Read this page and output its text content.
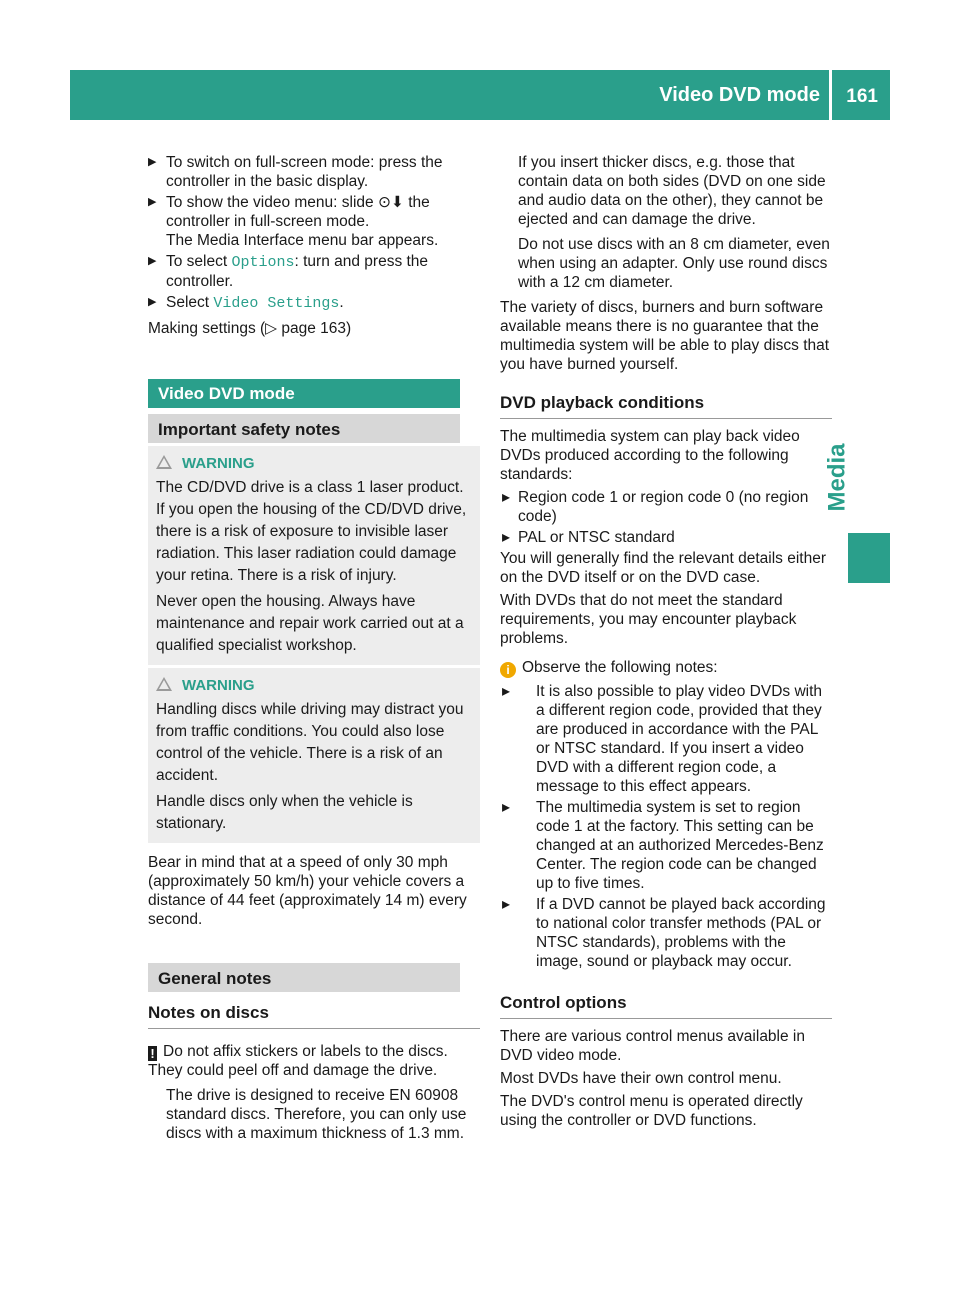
Video DVD mode 161
Media
▶ To switch on full-screen mode: press the controller in the basic display.
▶ To show the video menu: slide ⊙⬇ the controller in full-screen mode.
The Media Interface menu bar appears.
▶ To select Options: turn and press the controller.
▶ Select Video Settings.

Making settings (▷ page 163)

Video DVD mode
Important safety notes
WARNING

The CD/DVD drive is a class 1 laser product. If you open the housing of the CD/DVD drive, there is a risk of exposure to invisible laser radiation. This laser radiation could damage your retina. There is a risk of injury.

Never open the housing. Always have maintenance and repair work carried out at a qualified specialist workshop.

WARNING

Handling discs while driving may distract you from traffic conditions. You could also lose control of the vehicle. There is a risk of an accident.

Handle discs only when the vehicle is stationary.

Bear in mind that at a speed of only 30 mph (approximately 50 km/h) your vehicle covers a distance of 44 feet (approximately 14 m) every second.

General notes
Notes on discs

! Do not affix stickers or labels to the discs. They could peel off and damage the drive.

The drive is designed to receive EN 60908 standard discs. Therefore, you can only use discs with a maximum thickness of 1.3 mm.

If you insert thicker discs, e.g. those that contain data on both sides (DVD on one side and audio data on the other), they cannot be ejected and can damage the drive.

Do not use discs with an 8 cm diameter, even when using an adapter. Only use round discs with a 12 cm diameter.

The variety of discs, burners and burn software available means there is no guarantee that the multimedia system will be able to play discs that you have burned yourself.

DVD playback conditions

The multimedia system can play back video DVDs produced according to the following standards:

▸ Region code 1 or region code 0 (no region code)
▸ PAL or NTSC standard

You will generally find the relevant details either on the DVD itself or on the DVD case.

With DVDs that do not meet the standard requirements, you may encounter playback problems.

i Observe the following notes:

▸ It is also possible to play video DVDs with a different region code, provided that they are produced in accordance with the PAL or NTSC standard. If you insert a video DVD with a different region code, a message to this effect appears.
▸ The multimedia system is set to region code 1 at the factory. This setting can be changed at an authorized Mercedes-Benz Center. The region code can be changed up to five times.
▸ If a DVD cannot be played back according to national color transfer methods (PAL or NTSC standards), problems with the image, sound or playback may occur.
Control options

There are various control menus available in DVD video mode.

Most DVDs have their own control menu.

The DVD's control menu is operated directly using the controller or DVD functions.
